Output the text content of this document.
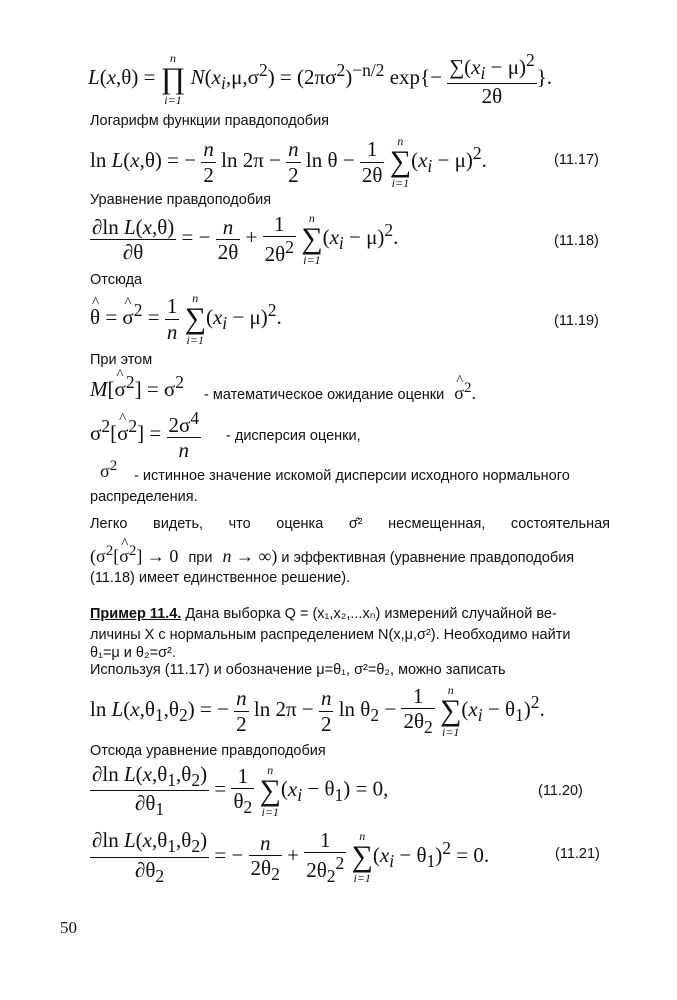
L(x,θ) =
n
∏
i=1
$N(x_i,\mu,\sigma^2) = (2\pi\sigma^2)^{-n/2}$ $\exp\{- \frac{\sum(x_i - \mu)^2}{2\theta}$ }.
Логарифм функции правдоподобия
ln L(x,θ) = − $\frac{n}{2}$ $\ln 2\pi - \frac{n}{2}$ $\ln \theta - \frac{1}{2\theta}$
	n
∑
i=1
$(x_i - \mu)^2$.	(11.17)
Уравнение правдоподобия
$\frac{\text{∂ln L(x,θ)}}{\partial\theta}$ = − $\frac{n}{2\theta} + \frac{1}{2\theta^2}$
	n
∑
i=1
$(x_i - \mu)^2$.	(11.18)
Отсюда
^ θ = ^ $\sigma^2 = \frac{1}{n}$
	n
∑
i=1
$(x_i - \mu)^2$.	(11.19)
При этом
M[^ $\sigma^2] = \sigma^2$
- математическое ожидание оценки ^ $\sigma^2$.
$\sigma^2[\^{}$ $\sigma^2] = \frac{2\sigma^4}{n}$ - дисперсия оценки,
$\sigma^2$
- истинное значение искомой дисперсии исходного нормального
распределения.
Легко видеть, что оценка σ̂² несмещенная, состоятельная
($\sigma^2[\^{}$ $\sigma^2] \to 0$ при n → ∞) и эффективная (уравнение правдоподобия
(11.18) имеет единственное решение).
Пример 11.4. Дана выборка Q = (x₁,x₂,...xₙ) измерений случайной ве-
личины Х с нормальным распределением N(x,μ,σ²). Необходимо найти
θ₁=μ и θ₂=σ².
Используя (11.17) и обозначение μ=θ₁, σ²=θ₂, можно записать
$\ln L(x,\theta_1,\theta_2)$ = − $\frac{n}{2}$ $\ln 2\pi - \frac{n}{2}$ $\ln \theta_2 - \frac{1}{2\theta_2}$
	n
∑
i=1
$(x_i - \theta_1)^2$.
Отсюда уравнение правдоподобия
$\frac{\partial\ln L(x,\theta_1,\theta_2)}{\partial\theta_1} = \frac{1}{\theta_2}$
	n
∑
i=1
$(x_i - \theta_1) = 0$,	(11.20)
$\frac{\partial\ln L(x,\theta_1,\theta_2)}{\partial\theta_2}$ = − $\frac{n}{2\theta_2} + \frac{1}{2\theta_2^2}$
	n
∑
i=1
$(x_i - \theta_1)^2 = 0$.	(11.21)
50
